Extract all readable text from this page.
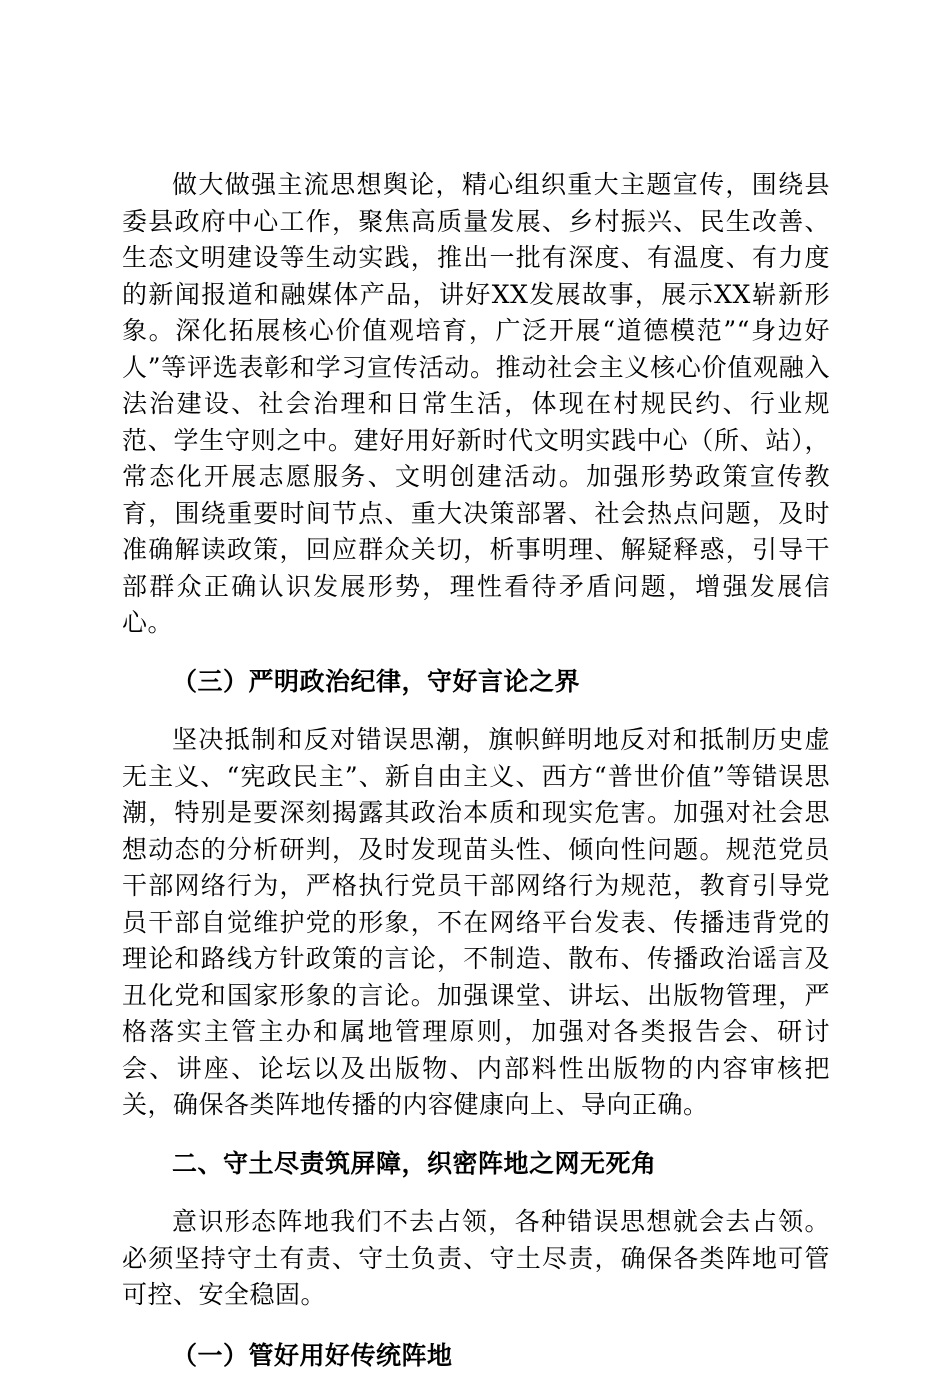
做大做强主流思想舆论，精心组织重大主题宣传，围绕县委县政府中心工作，聚焦高质量发展、乡村振兴、民生改善、生态文明建设等生动实践，推出一批有深度、有温度、有力度的新闻报道和融媒体产品，讲好XX发展故事，展示XX崭新形象。深化拓展核心价值观培育，广泛开展“道德模范”“身边好人”等评选表彰和学习宣传活动。推动社会主义核心价值观融入法治建设、社会治理和日常生活，体现在村规民约、行业规范、学生守则之中。建好用好新时代文明实践中心（所、站），常态化开展志愿服务、文明创建活动。加强形势政策宣传教育，围绕重要时间节点、重大决策部署、社会热点问题，及时准确解读政策，回应群众关切，析事明理、解疑释惑，引导干部群众正确认识发展形势，理性看待矛盾问题，增强发展信心。

（三）严明政治纪律，守好言论之界

坚决抵制和反对错误思潮，旗帜鲜明地反对和抵制历史虚无主义、“宪政民主”、新自由主义、西方“普世价值”等错误思潮，特别是要深刻揭露其政治本质和现实危害。加强对社会思想动态的分析研判，及时发现苗头性、倾向性问题。规范党员干部网络行为，严格执行党员干部网络行为规范，教育引导党员干部自觉维护党的形象，不在网络平台发表、传播违背党的理论和路线方针政策的言论，不制造、散布、传播政治谣言及丑化党和国家形象的言论。加强课堂、讲坛、出版物管理，严格落实主管主办和属地管理原则，加强对各类报告会、研讨会、讲座、论坛以及出版物、内部料性出版物的内容审核把关，确保各类阵地传播的内容健康向上、导向正确。

二、守土尽责筑屏障，织密阵地之网无死角

意识形态阵地我们不去占领，各种错误思想就会去占领。必须坚持守土有责、守土负责、守土尽责，确保各类阵地可管可控、安全稳固。

（一）管好用好传统阵地
